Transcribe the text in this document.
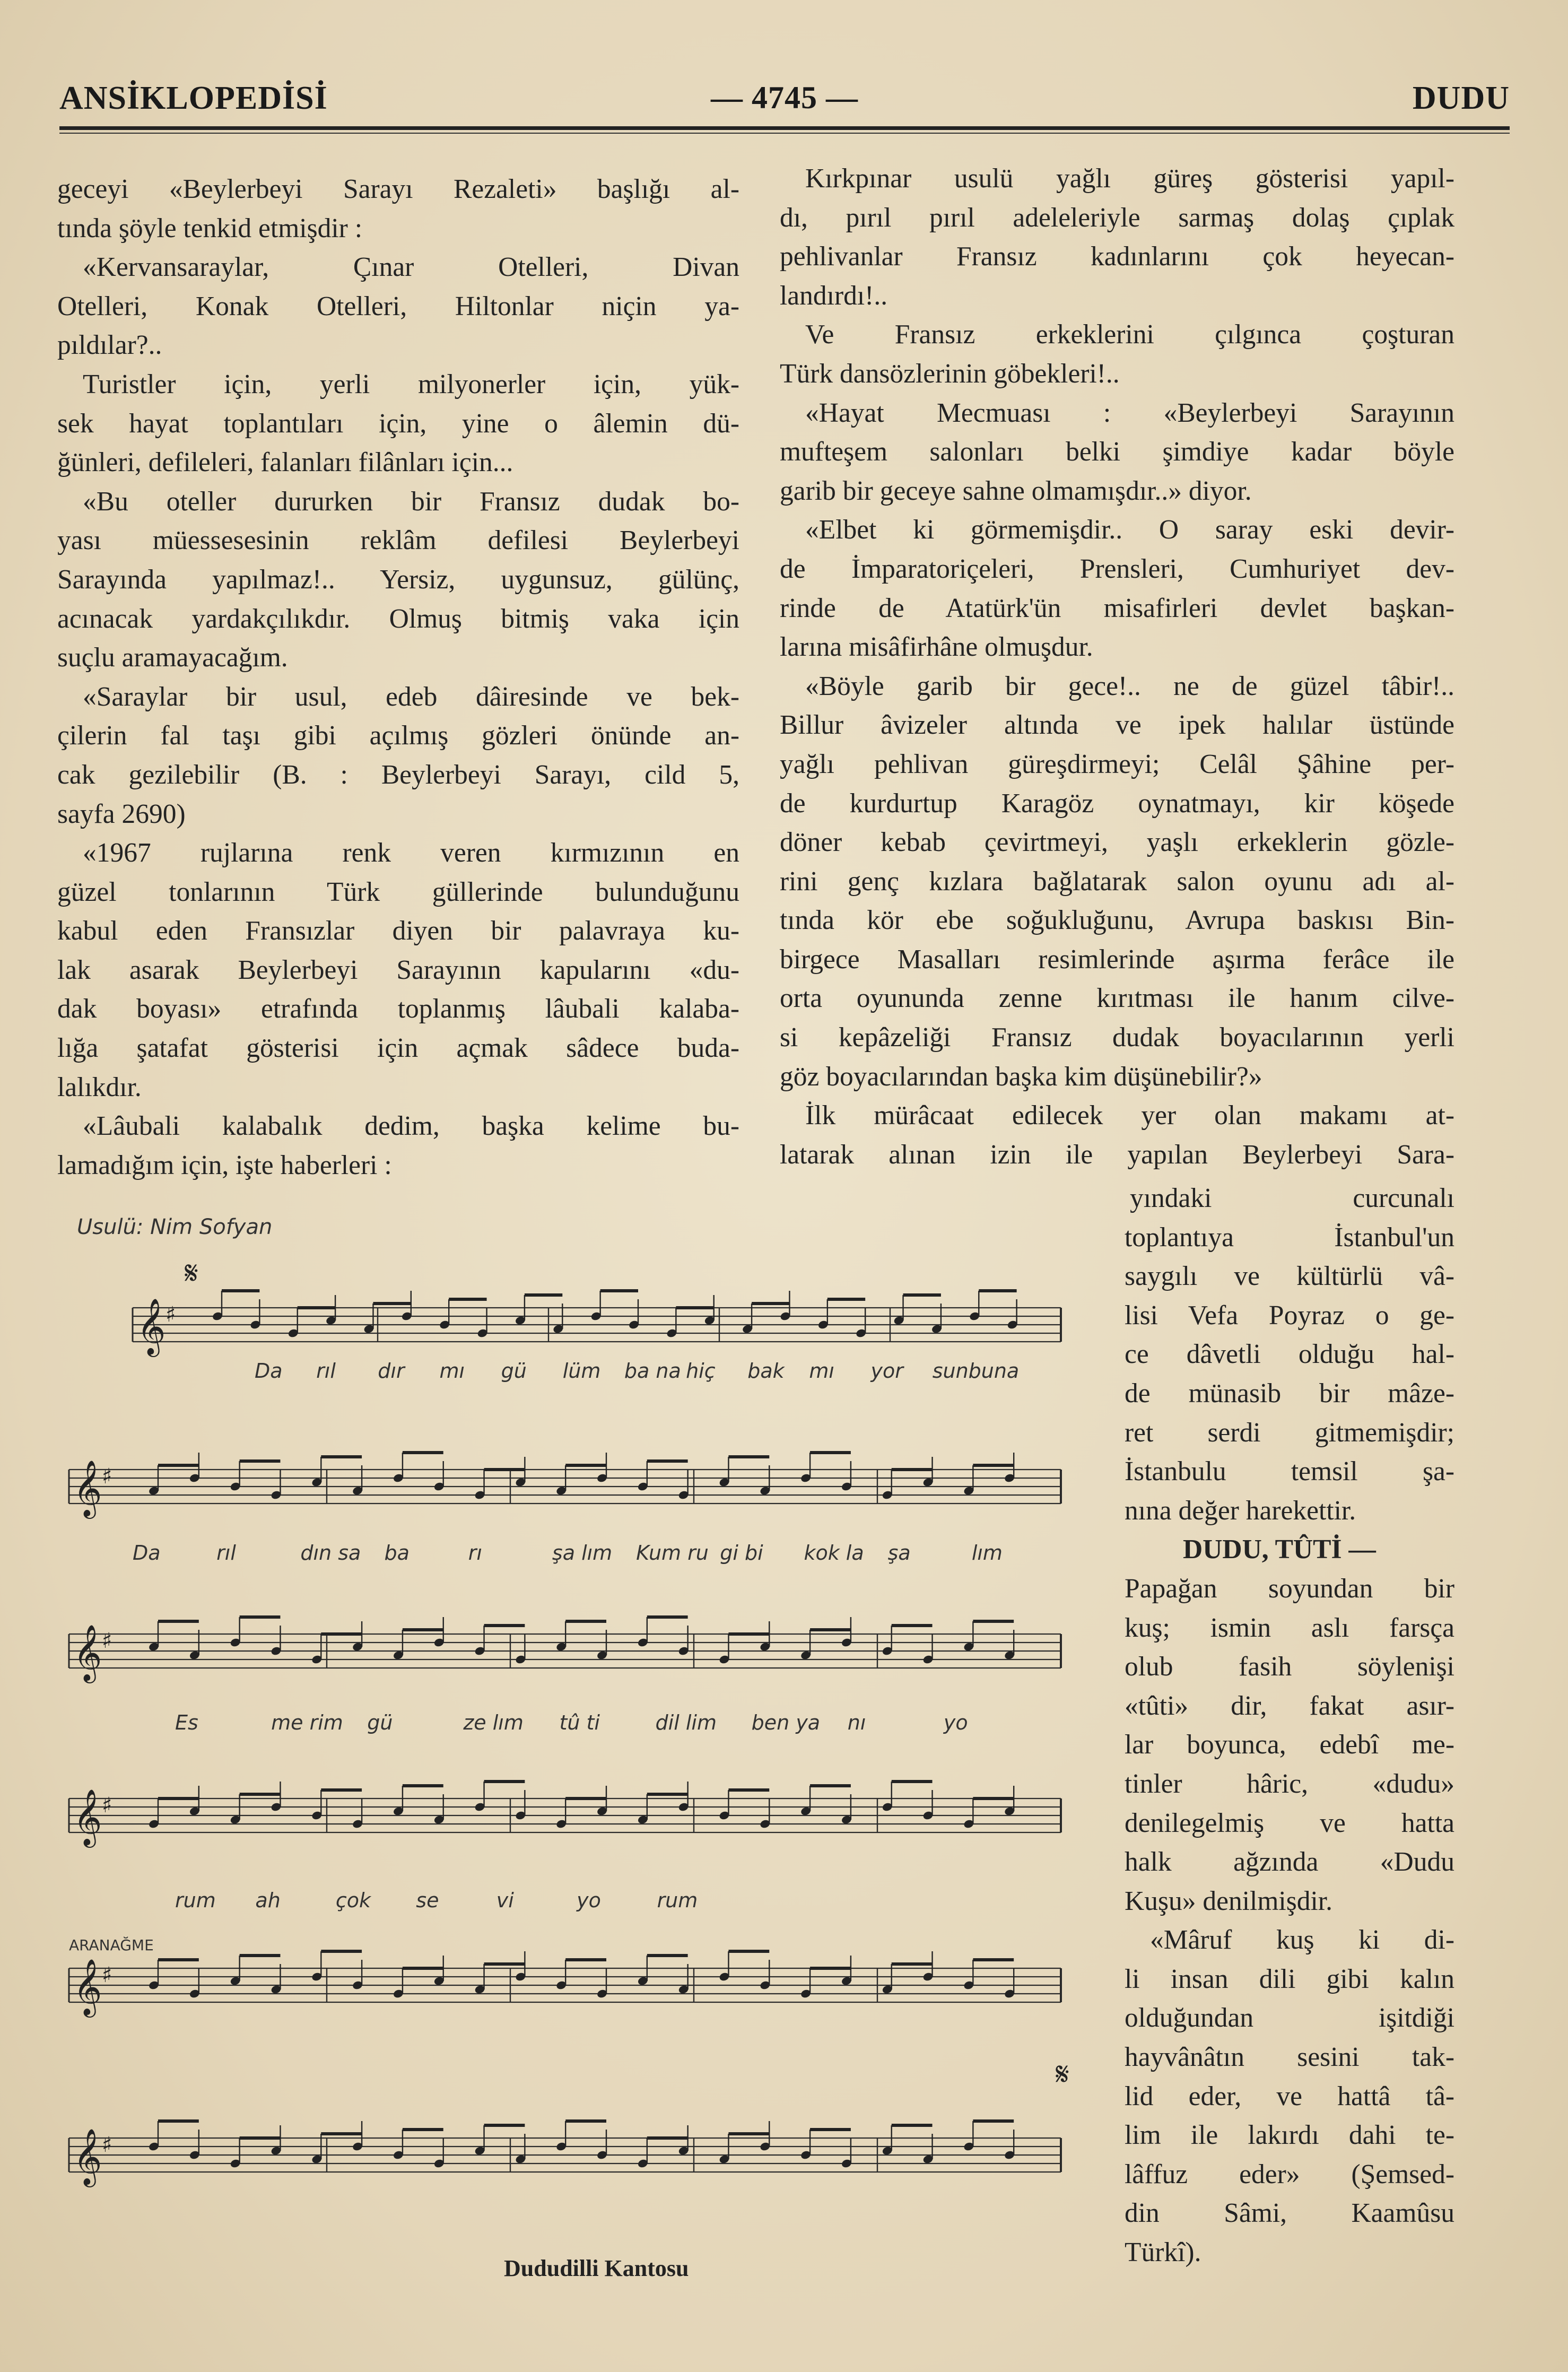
ANSİKLOPEDİSİ	— 4745 —	DUDU

geceyi «Beylerbeyi Sarayı Rezaleti» başlığı al-

tında şöyle tenkid etmişdir :

«Kervansaraylar, Çınar Otelleri, Divan

Otelleri, Konak Otelleri, Hiltonlar niçin ya-

pıldılar?..

Turistler için, yerli milyonerler için, yük-

sek hayat toplantıları için, yine o âlemin dü-

ğünleri, defileleri, falanları filânları için...

«Bu oteller dururken bir Fransız dudak bo-

yası müessesesinin reklâm defilesi Beylerbeyi

Sarayında yapılmaz!.. Yersiz, uygunsuz, gülünç,

acınacak yardakçılıkdır. Olmuş bitmiş vaka için

suçlu aramayacağım.

«Saraylar bir usul, edeb dâiresinde ve bek-

çilerin fal taşı gibi açılmış gözleri önünde an-

cak gezilebilir (B. : Beylerbeyi Sarayı, cild 5,

sayfa 2690)

«1967 rujlarına renk veren kırmızının en

güzel tonlarının Türk güllerinde bulunduğunu

kabul eden Fransızlar diyen bir palavraya ku-

lak asarak Beylerbeyi Sarayının kapularını «du-

dak boyası» etrafında toplanmış lâubali kalaba-

lığa şatafat gösterisi için açmak sâdece buda-

lalıkdır.

«Lâubali kalabalık dedim, başka kelime bu-

lamadığım için, işte haberleri :

Kırkpınar usulü yağlı güreş gösterisi yapıl-

dı, pırıl pırıl adeleleriyle sarmaş dolaş çıplak

pehlivanlar Fransız kadınlarını çok heyecan-

landırdı!..

Ve Fransız erkeklerini çılgınca çoşturan

Türk dansözlerinin göbekleri!..

«Hayat Mecmuası : «Beylerbeyi Sarayının

mufteşem salonları belki şimdiye kadar böyle

garib bir geceye sahne olmamışdır..» diyor.

«Elbet ki görmemişdir.. O saray eski devir-

de İmparatoriçeleri, Prensleri, Cumhuriyet dev-

rinde de Atatürk'ün misafirleri devlet başkan-

larına misâfirhâne olmuşdur.

«Böyle garib bir gece!.. ne de güzel tâbir!..

Billur âvizeler altında ve ipek halılar üstünde

yağlı pehlivan güreşdirmeyi; Celâl Şâhine per-

de kurdurtup Karagöz oynatmayı, kir köşede

döner kebab çevirtmeyi, yaşlı erkeklerin gözle-

rini genç kızlara bağlatarak salon oyunu adı al-

tında kör ebe soğukluğunu, Avrupa baskısı Bin-

birgece Masalları resimlerinde aşırma ferâce ile

orta oyununda zenne kırıtması ile hanım cilve-

si kepâzeliği Fransız dudak boyacılarının yerli

göz boyacılarından başka kim düşünebilir?»

İlk mürâcaat edilecek yer olan makamı at-

latarak alınan izin ile yapılan Beylerbeyi Sara-

yındaki curcunalı

toplantıya İstanbul'un

saygılı ve kültürlü vâ-

lisi Vefa Poyraz o ge-

ce dâvetli olduğu hal-

de münasib bir mâze-

ret serdi gitmemişdir;

İstanbulu temsil şa-

nına değer harekettir.

DUDU, TÛTİ —

Papağan soyundan bir

kuş; ismin aslı farsça

olub fasih söylenişi

«tûti» dir, fakat asır-

lar boyunca, edebî me-

tinler hâric, «dudu»

denilegelmiş ve hatta

halk ağzında «Dudu

Kuşu» denilmişdir.

«Mâruf kuş ki di-

li insan dili gibi kalın

olduğundan işitdiği

hayvânâtın sesini tak-

lid eder, ve hattâ tâ-

lim ile lakırdı dahi te-

lâffuz eder» (Şemsed-

din Sâmi, Kaamûsu

Türkî).

𝄞 ♯
𝄞 ♯
𝄞 ♯
𝄞 ♯
𝄞 ♯
𝄞 ♯
𝄋
𝄋
Usulü: Nim Sofyan
ARANAĞME
Da rıl dır mı gü lüm ba na hiç bak mı yor sunbu na
Da	rıl	dın sa ba	rı	şa lım Kum ru gi bi kok la şa	lım
Es	me rim gü	ze lım tû ti	dil lim ben ya nı	yo
rum ah	çok se	vi	yo	rum
Dududilli Kantosu
